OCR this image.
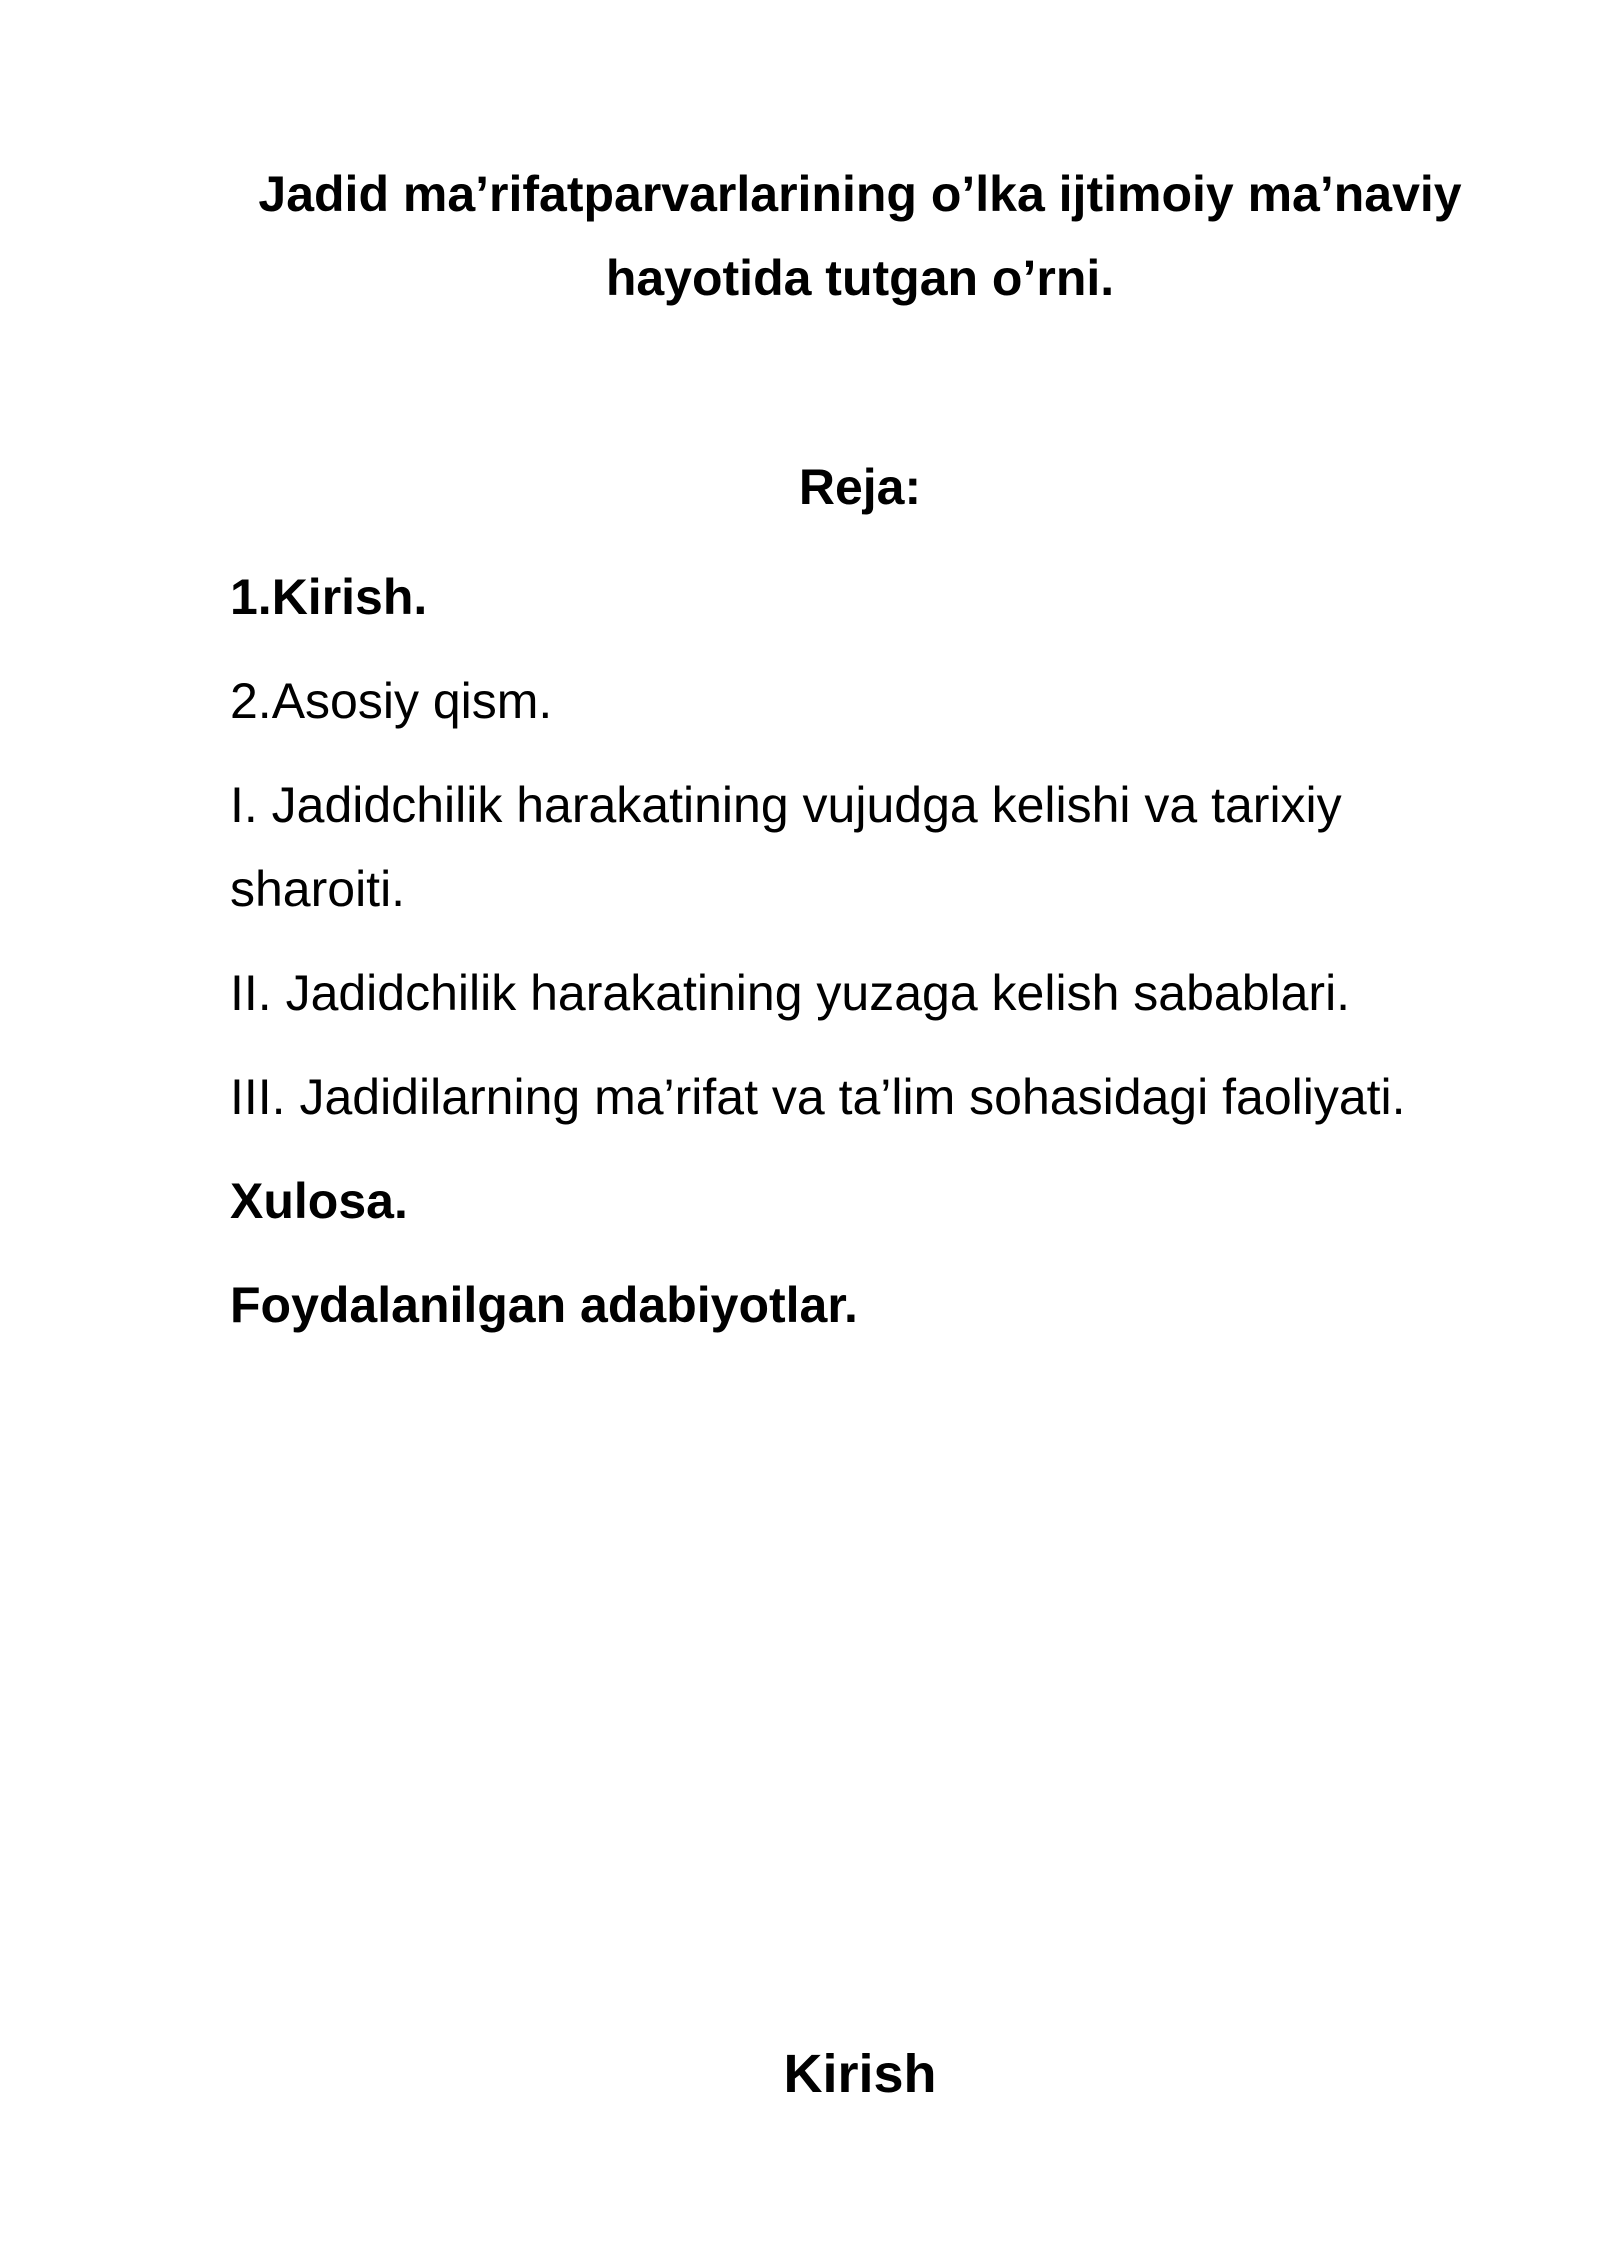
Jadid ma’rifatparvarlarining o’lka ijtimoiy ma’naviy
hayotida tutgan o’rni.
Reja:
1.Kirish.
2.Asosiy qism.
I. Jadidchilik harakatining vujudga kelishi va tarixiy sharoiti.
II. Jadidchilik harakatining yuzaga kelish sabablari.
III. Jadidilarning ma’rifat va ta’lim sohasidagi faoliyati.
Xulosa.
Foydalanilgan adabiyotlar.
Kirish
